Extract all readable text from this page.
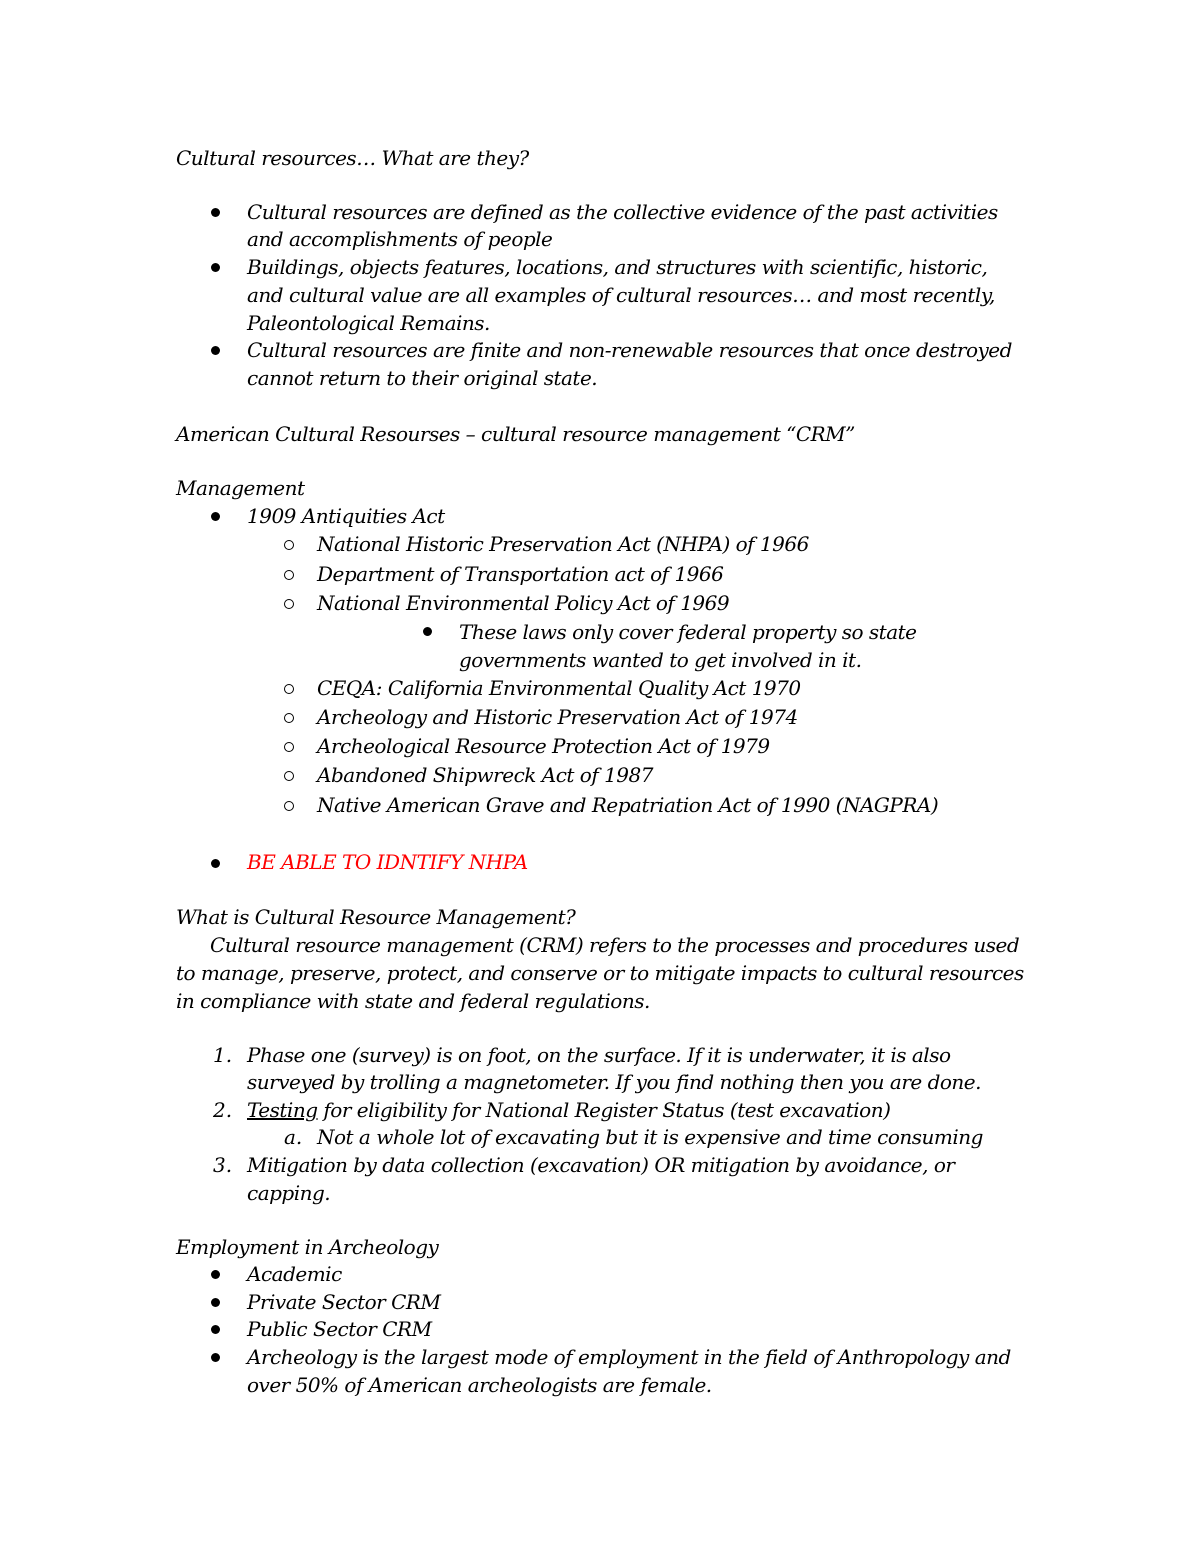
Cultural resources… What are they?
Cultural resources are defined as the collective evidence of the past activities
and accomplishments of people
Buildings, objects features, locations, and structures with scientific, historic,
and cultural value are all examples of cultural resources… and most recently,
Paleontological Remains.
Cultural resources are finite and non-renewable resources that once destroyed
cannot return to their original state.
American Cultural Resourses – cultural resource management “CRM”
Management
1909 Antiquities Act
National Historic Preservation Act (NHPA) of 1966
Department of Transportation act of 1966
National Environmental Policy Act of 1969
These laws only cover federal property so state
governments wanted to get involved in it.
CEQA: California Environmental Quality Act 1970
Archeology and Historic Preservation Act of 1974
Archeological Resource Protection Act of 1979
Abandoned Shipwreck Act of 1987
Native American Grave and Repatriation Act of 1990 (NAGPRA)
BE ABLE TO IDNTIFY NHPA
What is Cultural Resource Management?
Cultural resource management (CRM) refers to the processes and procedures used
to manage, preserve, protect, and conserve or to mitigate impacts to cultural resources
in compliance with state and federal regulations.
1. Phase one (survey) is on foot, on the surface. If it is underwater, it is also
surveyed by trolling a magnetometer. If you find nothing then you are done.
2. Testing for eligibility for National Register Status (test excavation)
a. Not a whole lot of excavating but it is expensive and time consuming
3. Mitigation by data collection (excavation) OR mitigation by avoidance, or
capping.
Employment in Archeology
Academic
Private Sector CRM
Public Sector CRM
Archeology is the largest mode of employment in the field of Anthropology and
over 50% of American archeologists are female.
